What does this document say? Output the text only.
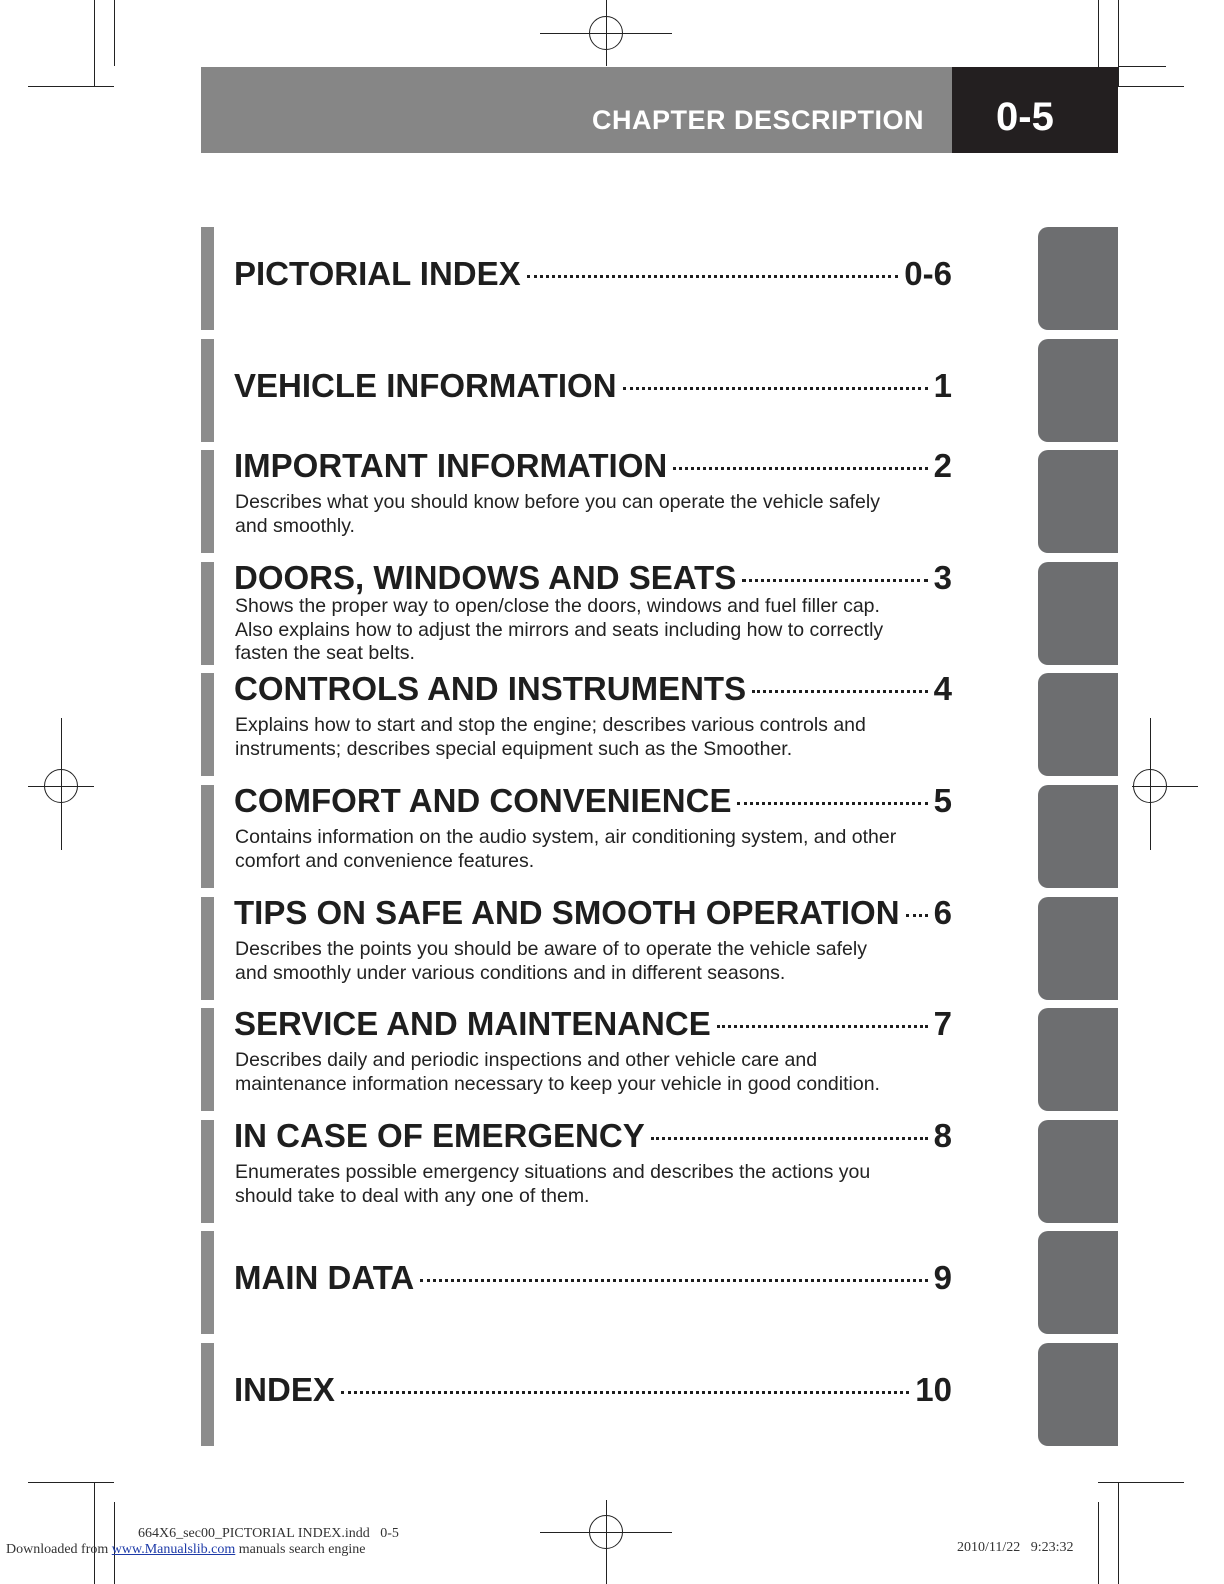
CHAPTER DESCRIPTION 0-5
PICTORIAL INDEX	0-6
VEHICLE INFORMATION	1
IMPORTANT INFORMATION	2
Describes what you should know before you can operate the vehicle safely
and smoothly.
DOORS, WINDOWS AND SEATS	3
Shows the proper way to open/close the doors, windows and fuel filler cap.
Also explains how to adjust the mirrors and seats including how to correctly
fasten the seat belts.
CONTROLS AND INSTRUMENTS	4
Explains how to start and stop the engine; describes various controls and
instruments; describes special equipment such as the Smoother.
COMFORT AND CONVENIENCE	5
Contains information on the audio system, air conditioning system, and other
comfort and convenience features.
TIPS ON SAFE AND SMOOTH OPERATION 6
Describes the points you should be aware of to operate the vehicle safely
and smoothly under various conditions and in different seasons.
SERVICE AND MAINTENANCE	7
Describes daily and periodic inspections and other vehicle care and
maintenance information necessary to keep your vehicle in good condition.
IN CASE OF EMERGENCY	8
Enumerates possible emergency situations and describes the actions you
should take to deal with any one of them.
MAIN DATA	9
INDEX	10
Downloaded from www.Manualslib.com manuals search engine
664X6_sec00_PICTORIAL INDEX.indd   0-5
2010/11/22   9:23:32
